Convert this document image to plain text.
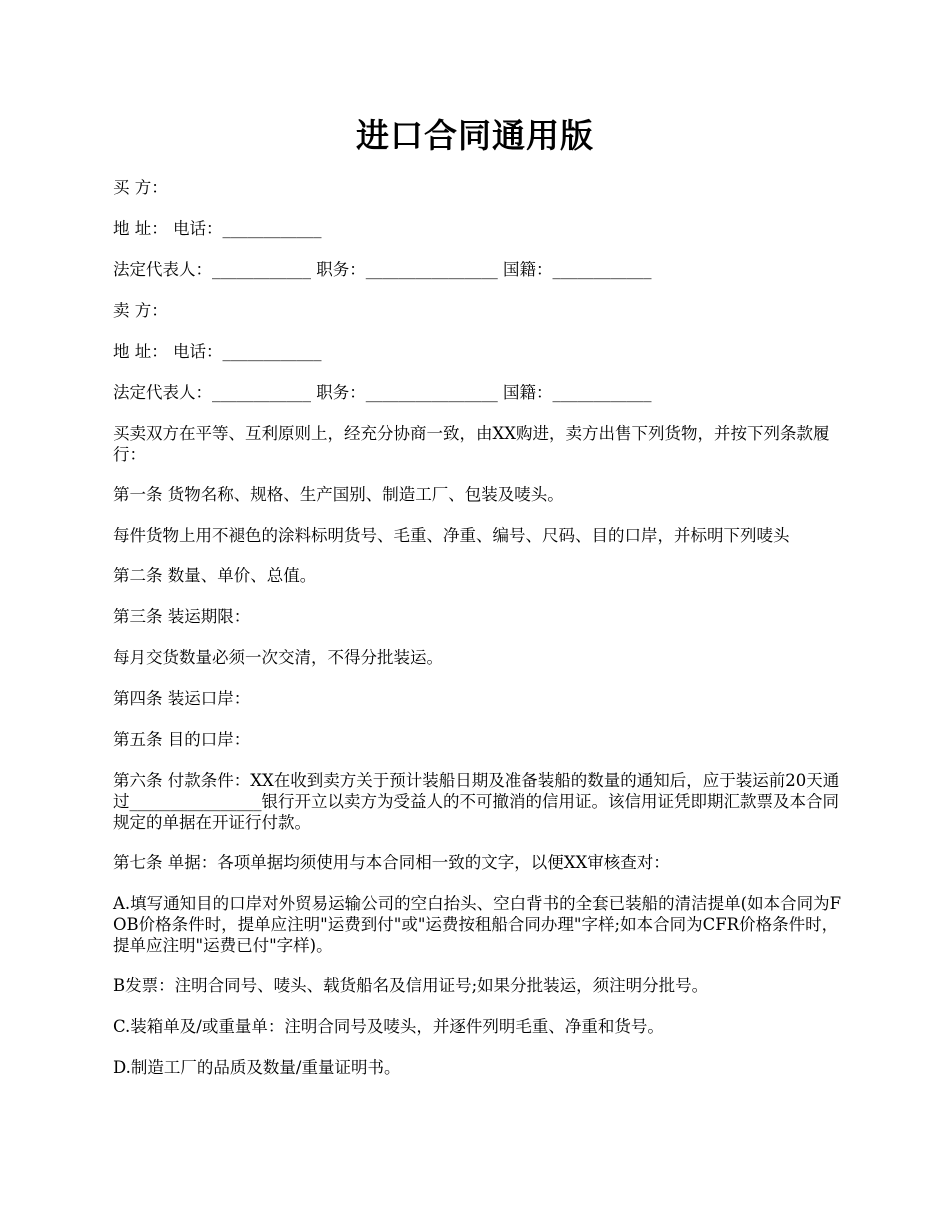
进口合同通用版

买 方：

地 址： 电话：____________

法定代表人：____________ 职务：________________ 国籍：____________

卖 方：

地 址： 电话：____________

法定代表人：____________ 职务：________________ 国籍：____________

买卖双方在平等、互利原则上，经充分协商一致，由XX购进，卖方出售下列货物，并按下列条款履行：

第一条 货物名称、规格、生产国别、制造工厂、包装及唛头。

每件货物上用不褪色的涂料标明货号、毛重、净重、编号、尺码、目的口岸，并标明下列唛头

第二条 数量、单价、总值。

第三条 装运期限：

每月交货数量必须一次交清，不得分批装运。

第四条 装运口岸：

第五条 目的口岸：

第六条 付款条件：XX在收到卖方关于预计装船日期及准备装船的数量的通知后，应于装运前20天通过________________银行开立以卖方为受益人的不可撤消的信用证。该信用证凭即期汇款票及本合同规定的单据在开证行付款。

第七条 单据：各项单据均须使用与本合同相一致的文字，以便XX审核查对：

A.填写通知目的口岸对外贸易运输公司的空白抬头、空白背书的全套已装船的清洁提单(如本合同为FOB价格条件时，提单应注明"运费到付"或"运费按租船合同办理"字样;如本合同为CFR价格条件时，提单应注明"运费已付"字样)。

B发票：注明合同号、唛头、载货船名及信用证号;如果分批装运，须注明分批号。

C.装箱单及/或重量单：注明合同号及唛头，并逐件列明毛重、净重和货号。

D.制造工厂的品质及数量/重量证明书。
